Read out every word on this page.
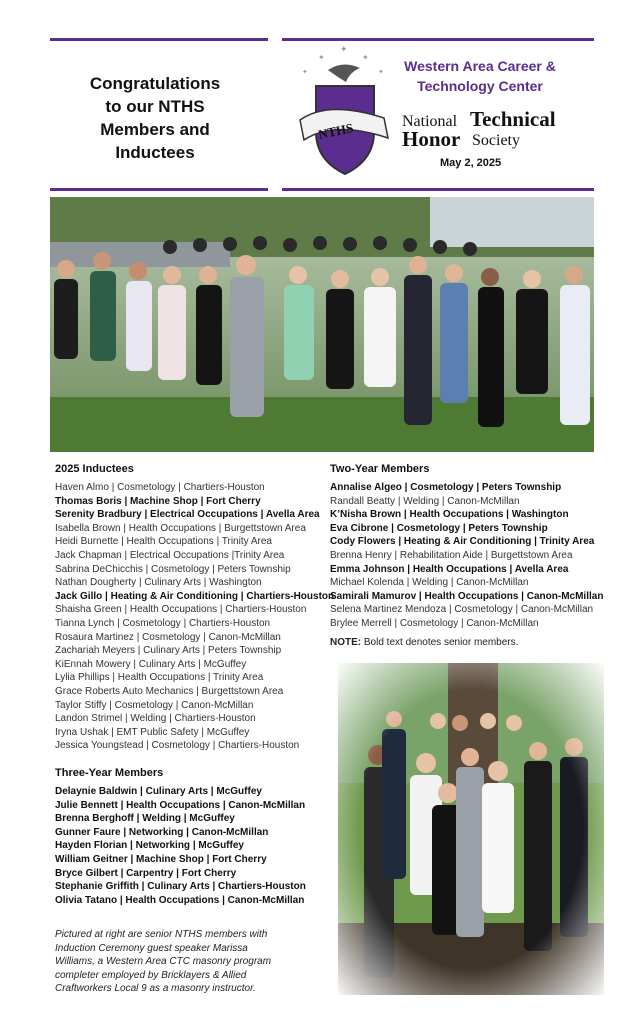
Congratulations
to our NTHS
Members and Inductees
✦
✦	✦
✦	✦
NTHS	National Technical
Honor Society
Western Area Career &
Technology Center
May 2, 2025
2025 Inductees
Haven Almo | Cosmetology | Chartiers-Houston
Thomas Boris | Machine Shop | Fort Cherry
Serenity Bradbury | Electrical Occupations | Avella Area
Isabella Brown | Health Occupations | Burgettstown Area
Heidi Burnette | Health Occupations | Trinity Area
Jack Chapman | Electrical Occupations |Trinity Area
Sabrina DeChicchis | Cosmetology | Peters Township
Nathan Dougherty | Culinary Arts | Washington
Jack Gillo | Heating & Air Conditioning | Chartiers-Houston
Shaisha Green | Health Occupations | Chartiers-Houston
Tianna Lynch | Cosmetology | Chartiers-Houston
Rosaura Martinez | Cosmetology | Canon-McMillan
Zachariah Meyers | Culinary Arts | Peters Township
KiEnnah Mowery | Culinary Arts | McGuffey
Lylia Phillips | Health Occupations | Trinity Area
Grace Roberts Auto Mechanics | Burgettstown Area
Taylor Stiffy | Cosmetology | Canon-McMillan
Landon Strimel | Welding | Chartiers-Houston
Iryna Ushak | EMT Public Safety | McGuffey
Jessica Youngstead | Cosmetology | Chartiers-Houston
Three-Year Members
Delaynie Baldwin | Culinary Arts | McGuffey
Julie Bennett | Health Occupations | Canon-McMillan
Brenna Berghoff | Welding | McGuffey
Gunner Faure | Networking | Canon-McMillan
Hayden Florian | Networking | McGuffey
William Geitner | Machine Shop | Fort Cherry
Bryce Gilbert | Carpentry | Fort Cherry
Stephanie Griffith | Culinary Arts | Chartiers-Houston
Olivia Tatano | Health Occupations | Canon-McMillan
Two-Year Members
Annalise Algeo | Cosmetology | Peters Township
Randall Beatty | Welding | Canon-McMillan
K’Nisha Brown | Health Occupations | Washington
Eva Cibrone | Cosmetology | Peters Township
Cody Flowers | Heating & Air Conditioning | Trinity Area
Brenna Henry | Rehabilitation Aide | Burgettstown Area
Emma Johnson | Health Occupations | Avella Area
Michael Kolenda | Welding | Canon-McMillan
Samirali Mamurov | Health Occupations | Canon-McMillan
Selena Martinez Mendoza | Cosmetology | Canon-McMillan
Brylee Merrell | Cosmetology | Canon-McMillan
NOTE: Bold text denotes senior members.
Pictured at right are senior NTHS members with Induction Ceremony guest speaker Marissa Williams, a Western Area CTC masonry program completer employed by Bricklayers & Allied Craftworkers Local 9 as a masonry instructor.
